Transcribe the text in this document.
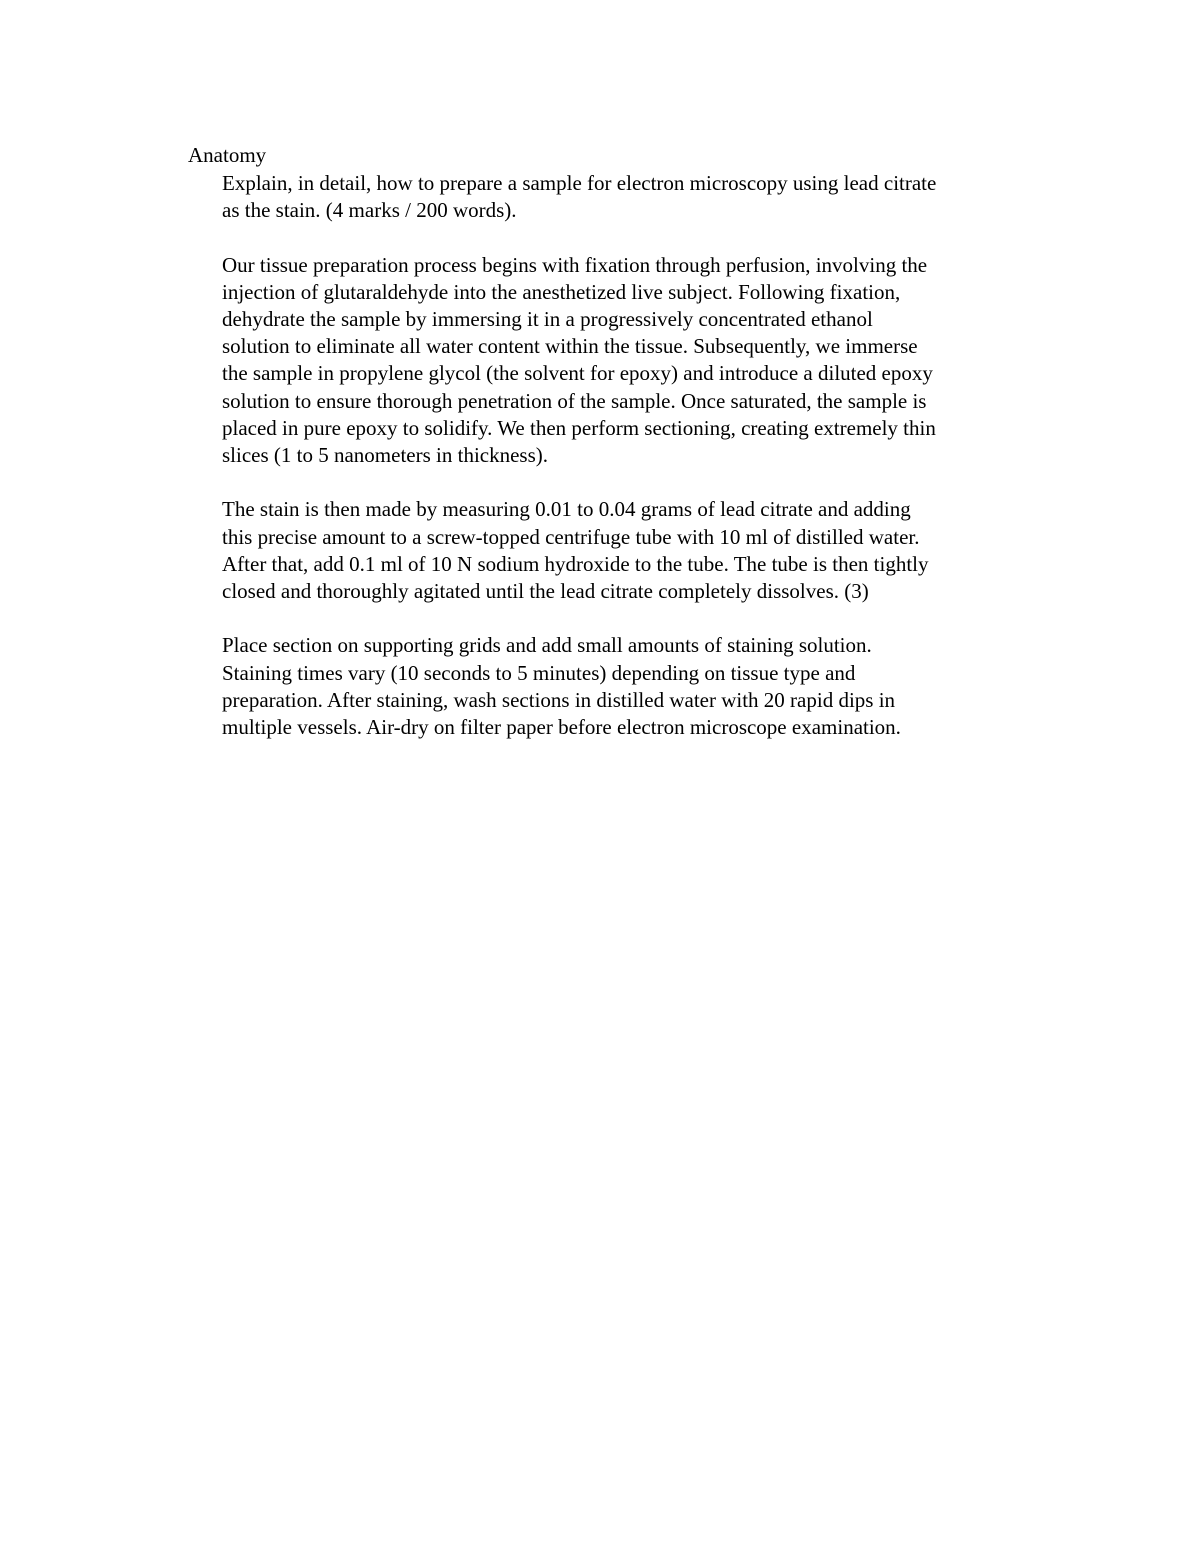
Anatomy

Explain, in detail, how to prepare a sample for electron microscopy using lead citrate
as the stain. (4 marks / 200 words).

Our tissue preparation process begins with fixation through perfusion, involving the
injection of glutaraldehyde into the anesthetized live subject. Following fixation,
dehydrate the sample by immersing it in a progressively concentrated ethanol
solution to eliminate all water content within the tissue. Subsequently, we immerse
the sample in propylene glycol (the solvent for epoxy) and introduce a diluted epoxy
solution to ensure thorough penetration of the sample. Once saturated, the sample is
placed in pure epoxy to solidify. We then perform sectioning, creating extremely thin
slices (1 to 5 nanometers in thickness).

The stain is then made by measuring 0.01 to 0.04 grams of lead citrate and adding
this precise amount to a screw-topped centrifuge tube with 10 ml of distilled water.
After that, add 0.1 ml of 10 N sodium hydroxide to the tube. The tube is then tightly
closed and thoroughly agitated until the lead citrate completely dissolves. (3)

Place section on supporting grids and add small amounts of staining solution.
Staining times vary (10 seconds to 5 minutes) depending on tissue type and
preparation. After staining, wash sections in distilled water with 20 rapid dips in
multiple vessels. Air-dry on filter paper before electron microscope examination.
